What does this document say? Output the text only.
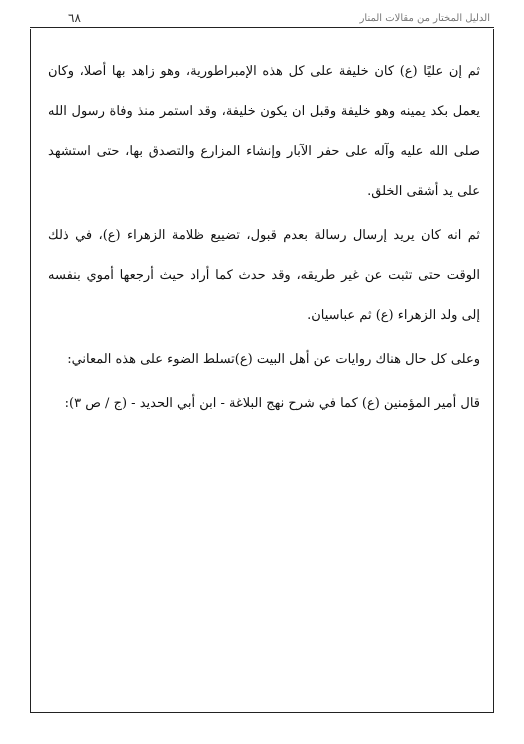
٦٨	الدليل المختار من مقالات المنار

ثم إن عليًا (ع) كان خليفة على كل هذه الإمبراطورية، وهو زاهد بها أصلا، وكان يعمل بكد يمينه وهو خليفة وقبل ان يكون خليفة، وقد استمر منذ وفاة رسول الله صلى الله عليه وآله على حفر الآبار وإنشاء المزارع والتصدق بها، حتى استشهد على يد أشقى الخلق.

ثم انه كان يريد إرسال رسالة بعدم قبول، تضييع ظلامة الزهراء (ع)، في ذلك الوقت حتى تثبت عن غير طريقه، وقد حدث كما أراد حيث أرجعها أموي بنفسه إلى ولد الزهراء (ع) ثم عباسيان.

وعلى كل حال هناك روايات عن أهل البيت (ع)تسلط الضوء على هذه المعاني:

قال أمير المؤمنين (ع) كما في شرح نهج البلاغة - ابن أبي الحديد - (ج / ص ٣):
